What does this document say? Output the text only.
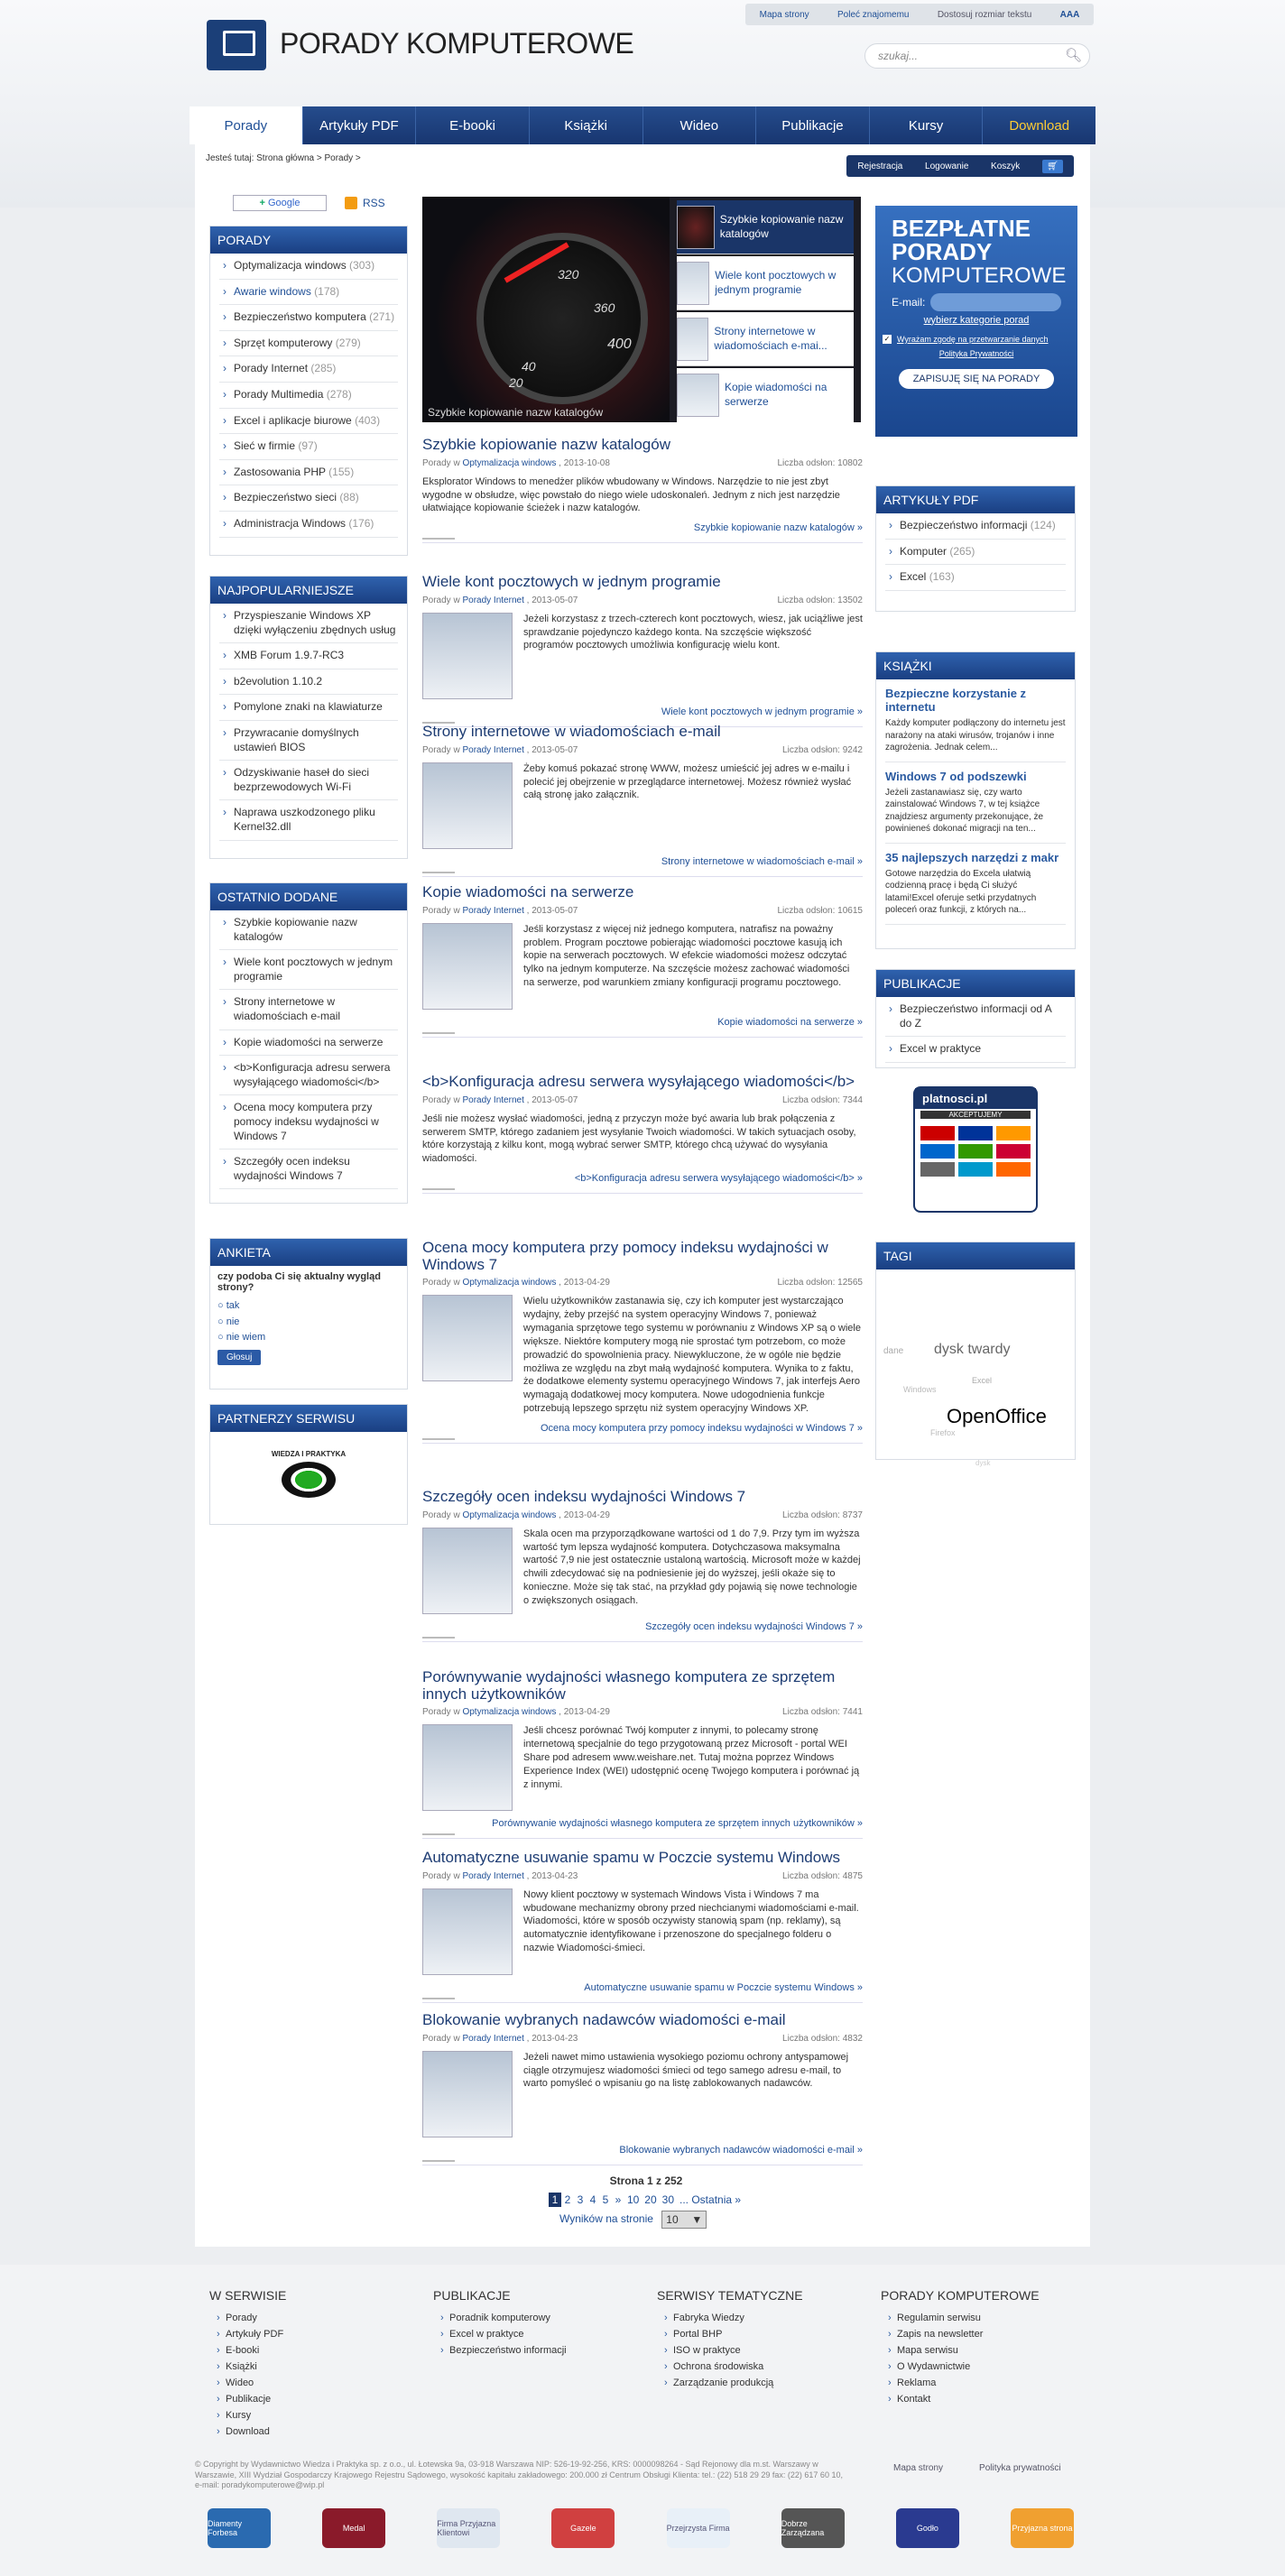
Mapa strony	Poleć znajomemu	Dostosuj rozmiar tekstu	AAA
PORADY KOMPUTEROWE	szukaj...	🔍︎
Porady	Artykuły PDF	E-booki	Książki	Wideo	Publikacje	Kursy	Download
Jesteś tutaj: Strona główna > Porady >
Rejestracja Logowanie Koszyk	🛒︎
+
Google	RSS
PORADY
› Optymalizacja windows (303)
› Awarie windows (178)
› Bezpieczeństwo komputera (271)
› Sprzęt komputerowy (279)
› Porady Internet (285)
› Porady Multimedia (278)
› Excel i aplikacje biurowe (403)
› Sieć w firmie (97)
› Zastosowania PHP (155)
› Bezpieczeństwo sieci (88)
› Administracja Windows (176)
NAJPOPULARNIEJSZE
› Przyspieszanie Windows XP dzięki wyłączeniu zbędnych usług
› XMB Forum 1.9.7-RC3
› b2evolution 1.10.2
› Pomylone znaki na klawiaturze
› Przywracanie domyślnych ustawień BIOS
› Odzyskiwanie haseł do sieci bezprzewodowych Wi-Fi
› Naprawa uszkodzonego pliku Kernel32.dll
OSTATNIO DODANE
› Szybkie kopiowanie nazw katalogów
› Wiele kont pocztowych w jednym programie
› Strony internetowe w wiadomościach e-mail
› Kopie wiadomości na serwerze
› <b>Konfiguracja adresu serwera wysyłającego wiadomości</b>
› Ocena mocy komputera przy pomocy indeksu wydajności w Windows 7
› Szczegóły ocen indeksu wydajności Windows 7
ANKIETA
czy podoba Ci się aktualny wygląd strony?
○ tak
○ nie
○ nie wiem
Głosuj
PARTNERZY SERWISU
WIEDZA I PRAKTYKA
320
360
400
40
20
Szybkie kopiowanie nazw katalogów
Szybkie kopiowanie nazw katalogów
Wiele kont pocztowych w jednym programie
Strony internetowe w wiadomościach e-mai...
Kopie wiadomości na serwerze
Szybkie kopiowanie nazw katalogów
Porady w Optymalizacja windows , 2013-10-08	Liczba odsłon: 10802
Eksplorator Windows to menedżer plików wbudowany w Windows. Narzędzie to nie jest zbyt wygodne w obsłudze, więc powstało do niego wiele udoskonaleń. Jednym z nich jest narzędzie ułatwiające kopiowanie ścieżek i nazw katalogów.
Szybkie kopiowanie nazw katalogów »
Wiele kont pocztowych w jednym programie
Porady w Porady Internet , 2013-05-07	Liczba odsłon: 13502
Jeżeli korzystasz z trzech-czterech kont pocztowych, wiesz, jak uciążliwe jest sprawdzanie pojedynczo każdego konta. Na szczęście większość programów pocztowych umożliwia konfigurację wielu kont.
Wiele kont pocztowych w jednym programie »
Strony internetowe w wiadomościach e-mail
Porady w Porady Internet , 2013-05-07	Liczba odsłon: 9242
Żeby komuś pokazać stronę WWW, możesz umieścić jej adres w e-mailu i polecić jej obejrzenie w przeglądarce internetowej. Możesz również wysłać całą stronę jako załącznik.
Strony internetowe w wiadomościach e-mail »
Kopie wiadomości na serwerze
Porady w Porady Internet , 2013-05-07	Liczba odsłon: 10615
Jeśli korzystasz z więcej niż jednego komputera, natrafisz na poważny problem. Program pocztowe pobierając wiadomości pocztowe kasują ich kopie na serwerach pocztowych. W efekcie wiadomości możesz odczytać tylko na jednym komputerze. Na szczęście możesz zachować wiadomości na serwerze, pod warunkiem zmiany konfiguracji programu pocztowego.
Kopie wiadomości na serwerze »
<b>Konfiguracja adresu serwera wysyłającego wiadomości</b>
Porady w Porady Internet , 2013-05-07	Liczba odsłon: 7344
Jeśli nie możesz wysłać wiadomości, jedną z przyczyn może być awaria lub brak połączenia z serwerem SMTP, którego zadaniem jest wysyłanie Twoich wiadomości. W takich sytuacjach osoby, które korzystają z kilku kont, mogą wybrać serwer SMTP, którego chcą używać do wysyłania wiadomości.
<b>Konfiguracja adresu serwera wysyłającego wiadomości</b> »
Ocena mocy komputera przy pomocy indeksu wydajności w Windows 7
Porady w Optymalizacja windows , 2013-04-29	Liczba odsłon: 12565
Wielu użytkowników zastanawia się, czy ich komputer jest wystarczająco wydajny, żeby przejść na system operacyjny Windows 7, ponieważ wymagania sprzętowe tego systemu w porównaniu z Windows XP są o wiele większe. Niektóre komputery mogą nie sprostać tym potrzebom, co może prowadzić do spowolnienia pracy. Niewykluczone, że w ogóle nie będzie możliwa ze względu na zbyt małą wydajność komputera. Wynika to z faktu, że dodatkowe elementy systemu operacyjnego Windows 7, jak interfejs Aero wymagają dodatkowej mocy komputera. Nowe udogodnienia funkcje potrzebują lepszego sprzętu niż system operacyjny Windows XP.
Ocena mocy komputera przy pomocy indeksu wydajności w Windows 7 »
Szczegóły ocen indeksu wydajności Windows 7
Porady w Optymalizacja windows , 2013-04-29	Liczba odsłon: 8737
Skala ocen ma przyporządkowane wartości od 1 do 7,9. Przy tym im wyższa wartość tym lepsza wydajność komputera. Dotychczasowa maksymalna wartość 7,9 nie jest ostatecznie ustaloną wartością. Microsoft może w każdej chwili zdecydować się na podniesienie jej do wyższej, jeśli okaże się to konieczne. Może się tak stać, na przykład gdy pojawią się nowe technologie o zwiększonych osiągach.
Szczegóły ocen indeksu wydajności Windows 7 »
Porównywanie wydajności własnego komputera ze sprzętem innych użytkowników
Porady w Optymalizacja windows , 2013-04-29	Liczba odsłon: 7441
Jeśli chcesz porównać Twój komputer z innymi, to polecamy stronę internetową specjalnie do tego przygotowaną przez Microsoft - portal WEI Share pod adresem www.weishare.net. Tutaj można poprzez Windows Experience Index (WEI) udostępnić ocenę Twojego komputera i porównać ją z innymi.
Porównywanie wydajności własnego komputera ze sprzętem innych użytkowników »
Automatyczne usuwanie spamu w Poczcie systemu Windows
Porady w Porady Internet , 2013-04-23	Liczba odsłon: 4875
Nowy klient pocztowy w systemach Windows Vista i Windows 7 ma wbudowane mechanizmy obrony przed niechcianymi wiadomościami e-mail. Wiadomości, które w sposób oczywisty stanowią spam (np. reklamy), są automatycznie identyfikowane i przenoszone do specjalnego folderu o nazwie Wiadomości-śmieci.
Automatyczne usuwanie spamu w Poczcie systemu Windows »
Blokowanie wybranych nadawców wiadomości e-mail
Porady w Porady Internet , 2013-04-23	Liczba odsłon: 4832
Jeżeli nawet mimo ustawienia wysokiego poziomu ochrony antyspamowej ciągle otrzymujesz wiadomości śmieci od tego samego adresu e-mail, to warto pomyśleć o wpisaniu go na listę zablokowanych nadawców.
Blokowanie wybranych nadawców wiadomości e-mail »
Strona 1 z 252
1 2 3 4 5 » 10 20 30 ... Ostatnia »
Wyników na stronie 10 ▼
BEZPŁATNE
PORADY
KOMPUTEROWE
E-mail:
wybierz kategorie porad
✓ Wyrażam zgodę na przetwarzanie danych
Polityka Prywatności
ZAPISUJĘ SIĘ NA PORADY
ARTYKUŁY PDF
› Bezpieczeństwo informacji (124)
› Komputer (265)
› Excel (163)
KSIĄŻKI
Bezpieczne korzystanie z internetu
Każdy komputer podłączony do internetu jest narażony na ataki wirusów, trojanów i inne zagrożenia. Jednak celem...
Windows 7 od podszewki
Jeżeli zastanawiasz się, czy warto zainstalować Windows 7, w tej książce znajdziesz argumenty przekonujące, że powinieneś dokonać migracji na ten...
35 najlepszych narzędzi z makr
Gotowe narzędzia do Excela ułatwią codzienną pracę i będą Ci służyć latami!Excel oferuje setki przydatnych poleceń oraz funkcji, z których na...
PUBLIKACJE
› Bezpieczeństwo informacji od A do Z
› Excel w praktyce
platnosci.pl
AKCEPTUJEMY
TAGI
dysk twardy
OpenOffice
dane
Excel
Windows
Firefox
dysk
W SERWISIE
› Porady
› Artykuły PDF
› E-booki
› Książki
› Wideo
› Publikacje
› Kursy
› Download
PUBLIKACJE
› Poradnik komputerowy
› Excel w praktyce
› Bezpieczeństwo informacji
SERWISY TEMATYCZNE
› Fabryka Wiedzy
› Portal BHP
› ISO w praktyce
› Ochrona środowiska
› Zarządzanie produkcją
PORADY KOMPUTEROWE
› Regulamin serwisu
› Zapis na newsletter
› Mapa serwisu
› O Wydawnictwie
› Reklama
› Kontakt
© Copyright by Wydawnictwo Wiedza i Praktyka sp. z o.o., ul. Łotewska 9a, 03-918 Warszawa NIP: 526-19-92-256, KRS: 0000098264 - Sąd Rejonowy dla m.st. Warszawy w Warszawie, XIII Wydział Gospodarczy Krajowego Rejestru Sądowego, wysokość kapitału zakładowego: 200.000 zł Centrum Obsługi Klienta: tel.: (22) 518 29 29 fax: (22) 617 60 10, e-mail: poradykomputerowe@wip.pl
Mapa strony	Polityka prywatności
Diamenty Forbesa	Medal	Firma Przyjazna Klientowi	Gazele	Przejrzysta Firma	Dobrze Zarządzana	Godło	Przyjazna strona
